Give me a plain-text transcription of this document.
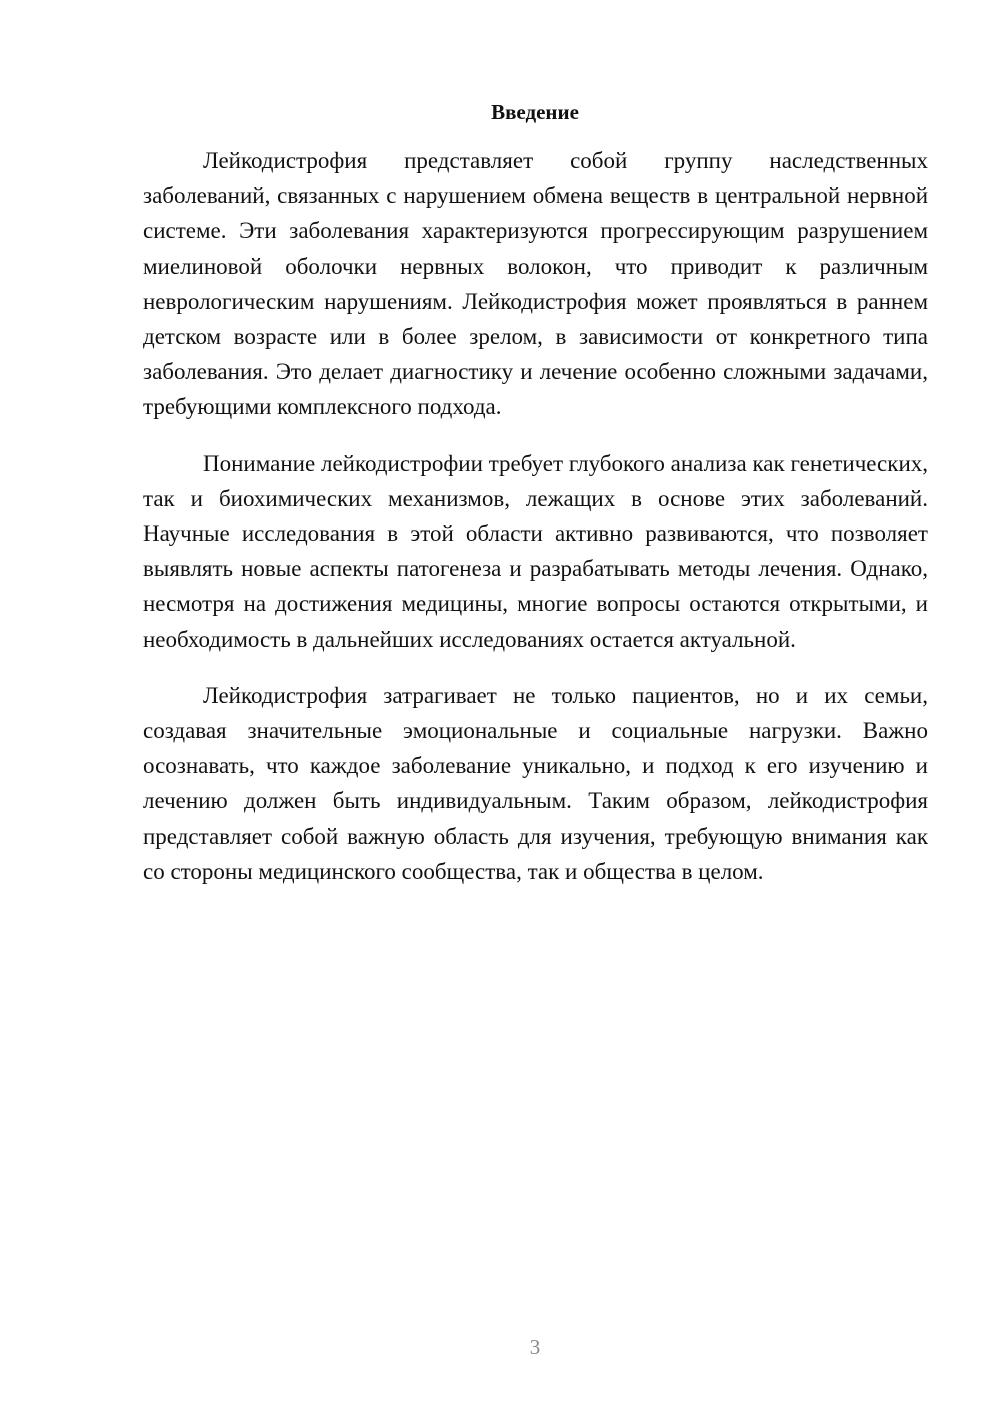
Введение

Лейкодистрофия представляет собой группу наследственных заболеваний, связанных с нарушением обмена веществ в центральной нервной системе. Эти заболевания характеризуются прогрессирующим разрушением миелиновой оболочки нервных волокон, что приводит к различным неврологическим нарушениям. Лейкодистрофия может проявляться в раннем детском возрасте или в более зрелом, в зависимости от конкретного типа заболевания. Это делает диагностику и лечение особенно сложными задачами, требующими комплексного подхода.

Понимание лейкодистрофии требует глубокого анализа как генетических, так и биохимических механизмов, лежащих в основе этих заболеваний. Научные исследования в этой области активно развиваются, что позволяет выявлять новые аспекты патогенеза и разрабатывать методы лечения. Однако, несмотря на достижения медицины, многие вопросы остаются открытыми, и необходимость в дальнейших исследованиях остается актуальной.

Лейкодистрофия затрагивает не только пациентов, но и их семьи, создавая значительные эмоциональные и социальные нагрузки. Важно осознавать, что каждое заболевание уникально, и подход к его изучению и лечению должен быть индивидуальным. Таким образом, лейкодистрофия представляет собой важную область для изучения, требующую внимания как со стороны медицинского сообщества, так и общества в целом.

3
